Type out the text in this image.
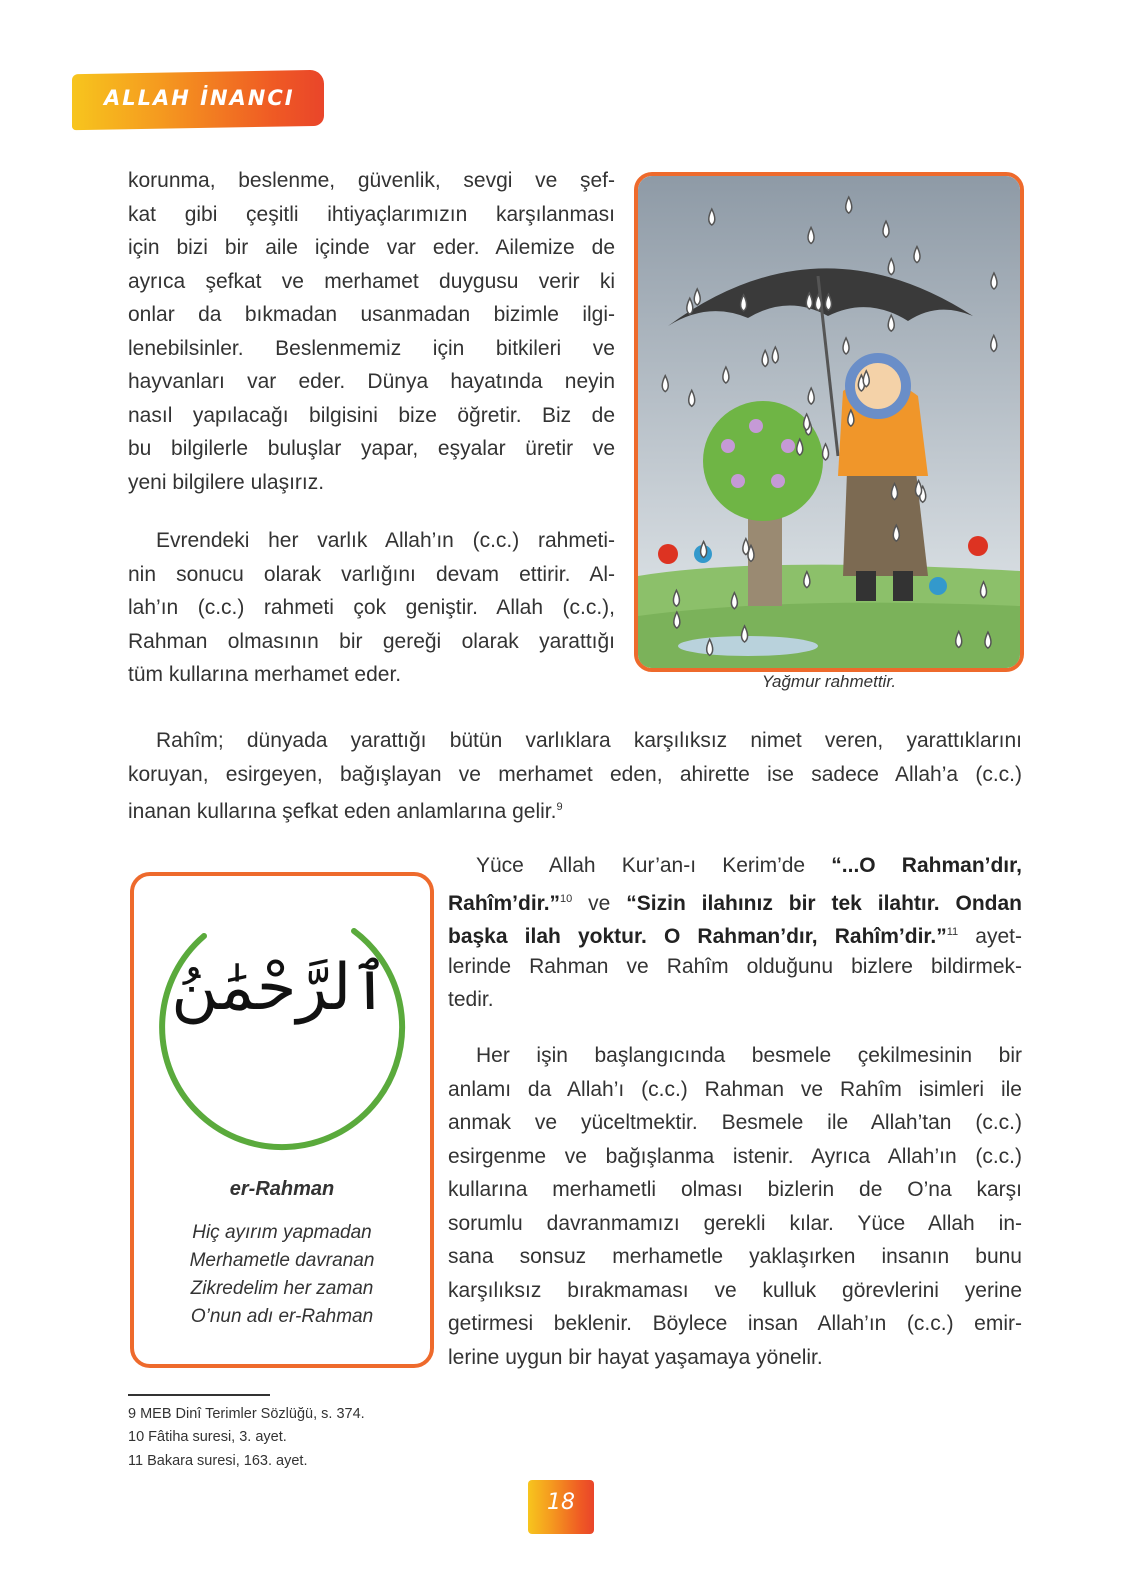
ALLAH İNANCI
korunma, beslenme, güvenlik, sevgi ve şef-
kat gibi çeşitli ihtiyaçlarımızın karşılanması
için bizi bir aile içinde var eder. Ailemize de
ayrıca şefkat ve merhamet duygusu verir ki
onlar da bıkmadan usanmadan bizimle ilgi-
lenebilsinler. Beslenmemiz için bitkileri ve
hayvanları var eder. Dünya hayatında neyin
nasıl yapılacağı bilgisini bize öğretir. Biz de
bu bilgilerle buluşlar yapar, eşyalar üretir ve
yeni bilgilere ulaşırız.
Evrendeki her varlık Allah’ın (c.c.) rahmeti-
nin sonucu olarak varlığını devam ettirir. Al-
lah’ın (c.c.) rahmeti çok geniştir. Allah (c.c.),
Rahman olmasının bir gereği olarak yarattığı
tüm kullarına merhamet eder.
Rahîm; dünyada yarattığı bütün varlıklara karşılıksız nimet veren, yarattıklarını
koruyan, esirgeyen, bağışlayan ve merhamet eden, ahirette ise sadece Allah’a (c.c.)
inanan kullarına şefkat eden anlamlarına gelir.$^9$
Yüce Allah Kur’an-ı Kerim’de “...O Rahman’dır,
Rahîm’dir.”$^{10}$ ve “Sizin ilahınız bir tek ilahtır. Ondan
başka ilah yoktur. O Rahman’dır, Rahîm’dir.”$^{11}$ ayet-
lerinde Rahman ve Rahîm olduğunu bizlere bildirmek-
tedir.
Her işin başlangıcında besmele çekilmesinin bir
anlamı da Allah’ı (c.c.) Rahman ve Rahîm isimleri ile
anmak ve yüceltmektir. Besmele ile Allah’tan (c.c.)
esirgenme ve bağışlanma istenir. Ayrıca Allah’ın (c.c.)
kullarına merhametli olması bizlerin de O’na karşı
sorumlu davranmamızı gerekli kılar. Yüce Allah in-
sana sonsuz merhametle yaklaşırken insanın bunu
karşılıksız bırakmaması ve kulluk görevlerini yerine
getirmesi beklenir. Böylece insan Allah’ın (c.c.) emir-
lerine uygun bir hayat yaşamaya yönelir.
Yağmur rahmettir.
ٱلرَّحْمَٰنُ
er-Rahman
Hiç ayırım yapmadan
Merhametle davranan
Zikredelim her zaman
O’nun adı er-Rahman
9 MEB Dinî Terimler Sözlüğü, s. 374.
10 Fâtiha suresi, 3. ayet.
11 Bakara suresi, 163. ayet.
18
